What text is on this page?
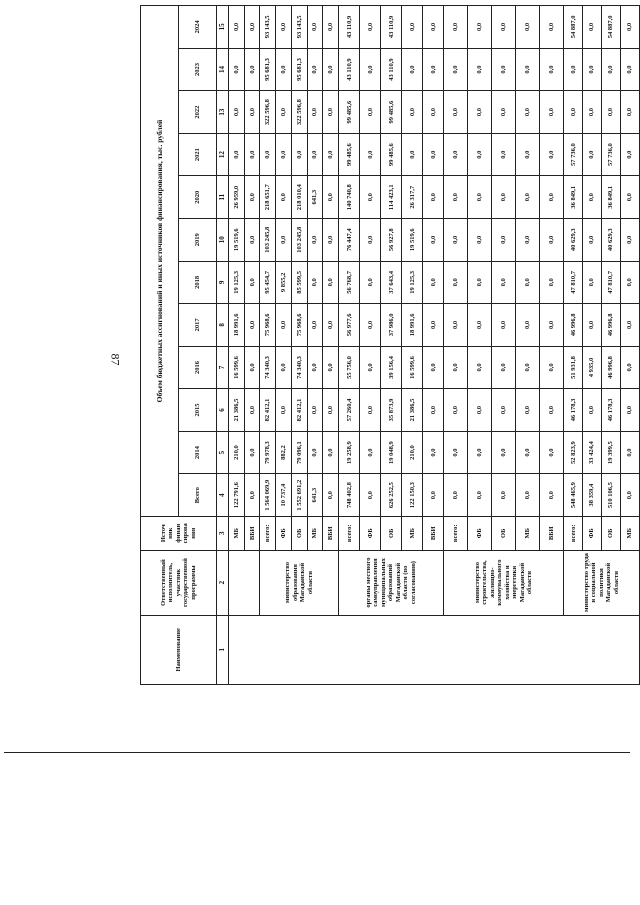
87
Наименование	Ответственный исполнитель, участник государственной программы	Источ ник финан сирова ния	Объем бюджетных ассигнований и иных источников финансирования, тыс. рублей											
			Всего	2014	2015	2016	2017	2018	2019	2020	2021	2022	2023	2024
1	2	3	4	5	6	7	8	9	10	11	12	13	14	15
		МБ	122 791,6	210,0	21 386,5	16 599,6	18 991,6	19 125,3	19 519,6	26 959,0	0,0	0,0	0,0	0,0
		ВБИ	0,0	0,0	0,0	0,0	0,0	0,0	0,0	0,0	0,0	0,0	0,0	0,0
	министерство образования Магаданской области	всего:	1 564 069,9	79 978,3	82 412,1	74 340,3	75 968,6	95 454,7	103 245,8	218 651,7	0,0	322 596,8	95 681,3	93 143,5
		ФБ	10 737,4	882,2	0,0	0,0	0,0	9 855,2	0,0	0,0	0,0	0,0	0,0	0,0
		ОБ	1 552 691,2	79 096,1	82 412,1	74 340,3	75 968,6	85 599,5	103 245,8	218 010,4	0,0	322 596,8	95 681,3	93 143,5
		МБ	641,3	0,0	0,0	0,0	0,0	0,0	0,0	641,3	0,0	0,0	0,0	0,0
		ВБИ	0,0	0,0	0,0	0,0	0,0	0,0	0,0	0,0	0,0	0,0	0,0	0,0
	органы местного самоуправления муниципальных образований Магаданской области (по согласованию)	всего:	748 402,8	19 258,9	57 260,4	55 756,0	56 977,6	56 768,7	76 447,4	140 740,8	99 485,6	99 485,6	43 110,9	43 110,9
		ФБ	0,0	0,0	0,0	0,0	0,0	0,0	0,0	0,0	0,0	0,0	0,0	0,0
		ОБ	626 252,5	19 048,9	35 873,9	39 156,4	37 986,0	37 643,4	56 927,8	114 423,1	99 485,6	99 485,6	43 110,9	43 110,9
		МБ	122 150,3	210,0	21 386,5	16 599,6	18 991,6	19 125,3	19 519,6	26 317,7	0,0	0,0	0,0	0,0
		ВБИ	0,0	0,0	0,0	0,0	0,0	0,0	0,0	0,0	0,0	0,0	0,0	0,0
	министерство строительства, жилищно-коммунального хозяйства и энергетики Магаданской области	всего:	0,0	0,0	0,0	0,0	0,0	0,0	0,0	0,0	0,0	0,0	0,0	0,0
		ФБ	0,0	0,0	0,0	0,0	0,0	0,0	0,0	0,0	0,0	0,0	0,0	0,0
		ОБ	0,0	0,0	0,0	0,0	0,0	0,0	0,0	0,0	0,0	0,0	0,0	0,0
		МБ	0,0	0,0	0,0	0,0	0,0	0,0	0,0	0,0	0,0	0,0	0,0	0,0
		ВБИ	0,0	0,0	0,0	0,0	0,0	0,0	0,0	0,0	0,0	0,0	0,0	0,0
	министерство труда и социальной политики Магаданской области	всего:	548 465,9	52 823,9	46 178,3	51 931,8	46 996,8	47 810,7	40 629,3	36 849,1	57 736,0	0,0	0,0	54 887,0
		ФБ	38 359,4	33 424,4	0,0	4 935,0	0,0	0,0	0,0	0,0	0,0	0,0	0,0	0,0
		ОБ	510 106,5	19 399,5	46 178,3	46 996,8	46 996,8	47 810,7	40 629,3	36 849,1	57 736,0	0,0	0,0	54 887,0
		МБ	0,0	0,0	0,0	0,0	0,0	0,0	0,0	0,0	0,0	0,0	0,0	0,0
